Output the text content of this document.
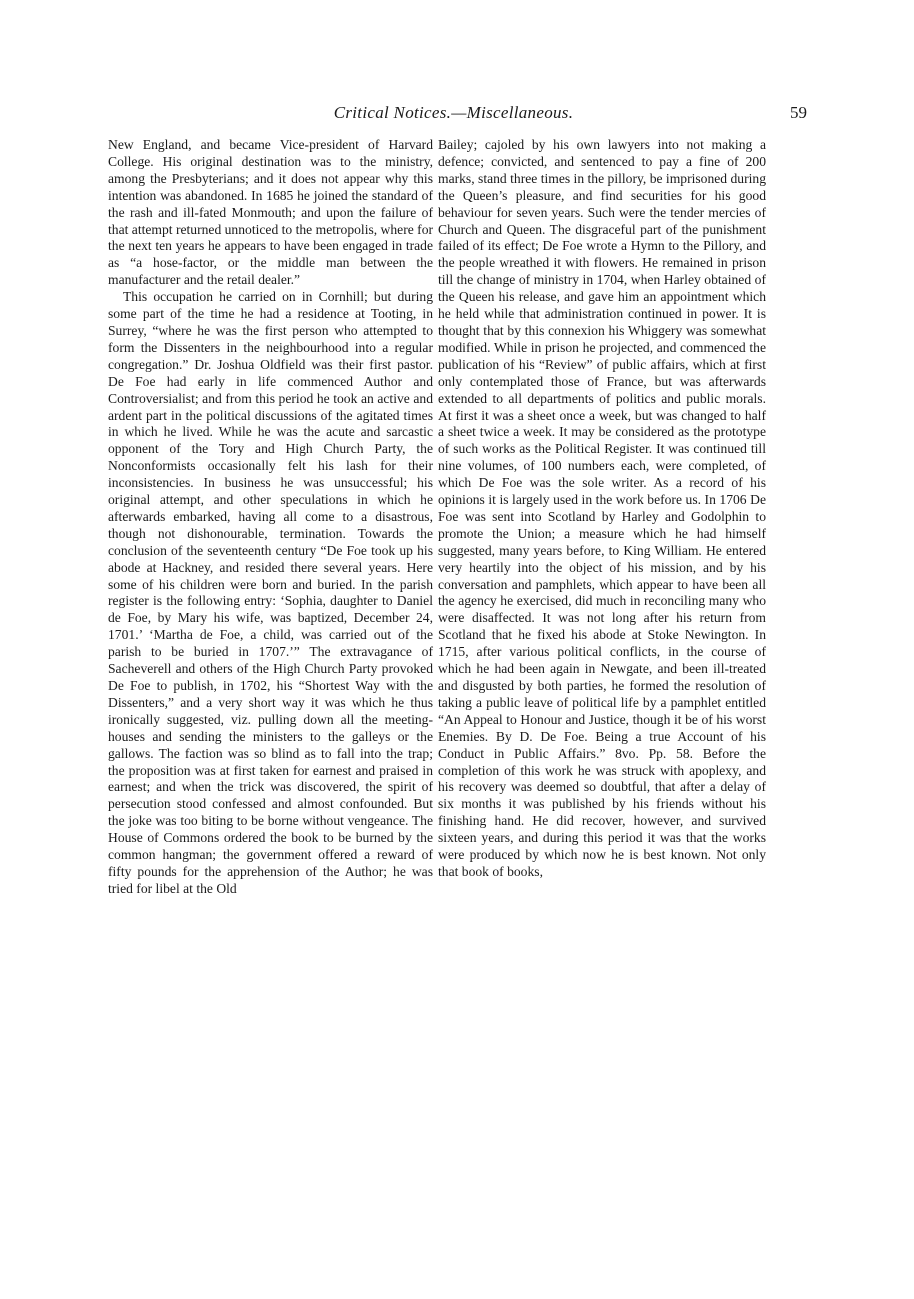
Critical Notices.—Miscellaneous.	59

New England, and became Vice-president of Harvard College. His original destination was to the ministry, among the Presbyterians; and it does not appear why this intention was abandoned. In 1685 he joined the standard of the rash and ill-fated Monmouth; and upon the failure of that attempt returned unnoticed to the metropolis, where for the next ten years he appears to have been engaged in trade as “a hose-factor, or the middle man between the manufacturer and the retail dealer.”

This occupation he carried on in Cornhill; but during some part of the time he had a residence at Tooting, in Surrey, “where he was the first person who attempted to form the Dissenters in the neighbourhood into a regular congregation.” Dr. Joshua Oldfield was their first pastor. De Foe had early in life commenced Author and Controversialist; and from this period he took an active and ardent part in the political discussions of the agitated times in which he lived. While he was the acute and sarcastic opponent of the Tory and High Church Party, the Nonconformists occasionally felt his lash for their inconsistencies. In business he was unsuccessful; his original attempt, and other speculations in which he afterwards embarked, having all come to a disastrous, though not dishonourable, termination. Towards the conclusion of the seventeenth century “De Foe took up his abode at Hackney, and resided there several years. Here some of his children were born and buried. In the parish register is the following entry: ‘Sophia, daughter to Daniel de Foe, by Mary his wife, was baptized, December 24, 1701.’ ‘Martha de Foe, a child, was carried out of the parish to be buried in 1707.’” The extravagance of Sacheverell and others of the High Church Party provoked De Foe to publish, in 1702, his “Shortest Way with the Dissenters,” and a very short way it was which he thus ironically suggested, viz. pulling down all the meeting-houses and sending the ministers to the galleys or the gallows. The faction was so blind as to fall into the trap; the proposition was at first taken for earnest and praised in earnest; and when the trick was discovered, the spirit of persecution stood confessed and almost confounded. But the joke was too biting to be borne without vengeance. The House of Commons ordered the book to be burned by the common hangman; the government offered a reward of fifty pounds for the apprehension of the Author; he was tried for libel at the Old

Bailey; cajoled by his own lawyers into not making a defence; convicted, and sentenced to pay a fine of 200 marks, stand three times in the pillory, be imprisoned during the Queen’s pleasure, and find securities for his good behaviour for seven years. Such were the tender mercies of Church and Queen. The disgraceful part of the punishment failed of its effect; De Foe wrote a Hymn to the Pillory, and the people wreathed it with flowers. He remained in prison till the change of ministry in 1704, when Harley obtained of the Queen his release, and gave him an appointment which he held while that administration continued in power. It is thought that by this connexion his Whiggery was somewhat modified. While in prison he projected, and commenced the publication of his “Review” of public affairs, which at first only contemplated those of France, but was afterwards extended to all departments of politics and public morals. At first it was a sheet once a week, but was changed to half a sheet twice a week. It may be considered as the prototype of such works as the Political Register. It was continued till nine volumes, of 100 numbers each, were completed, of which De Foe was the sole writer. As a record of his opinions it is largely used in the work before us. In 1706 De Foe was sent into Scotland by Harley and Godolphin to promote the Union; a measure which he had himself suggested, many years before, to King William. He entered very heartily into the object of his mission, and by his conversation and pamphlets, which appear to have been all the agency he exercised, did much in reconciling many who were disaffected. It was not long after his return from Scotland that he fixed his abode at Stoke Newington. In 1715, after various political conflicts, in the course of which he had been again in Newgate, and been ill-treated and disgusted by both parties, he formed the resolution of taking a public leave of political life by a pamphlet entitled “An Appeal to Honour and Justice, though it be of his worst Enemies. By D. De Foe. Being a true Account of his Conduct in Public Affairs.” 8vo. Pp. 58. Before the completion of this work he was struck with apoplexy, and his recovery was deemed so doubtful, that after a delay of six months it was published by his friends without his finishing hand. He did recover, however, and survived sixteen years, and during this period it was that the works were produced by which now he is best known. Not only that book of books,
